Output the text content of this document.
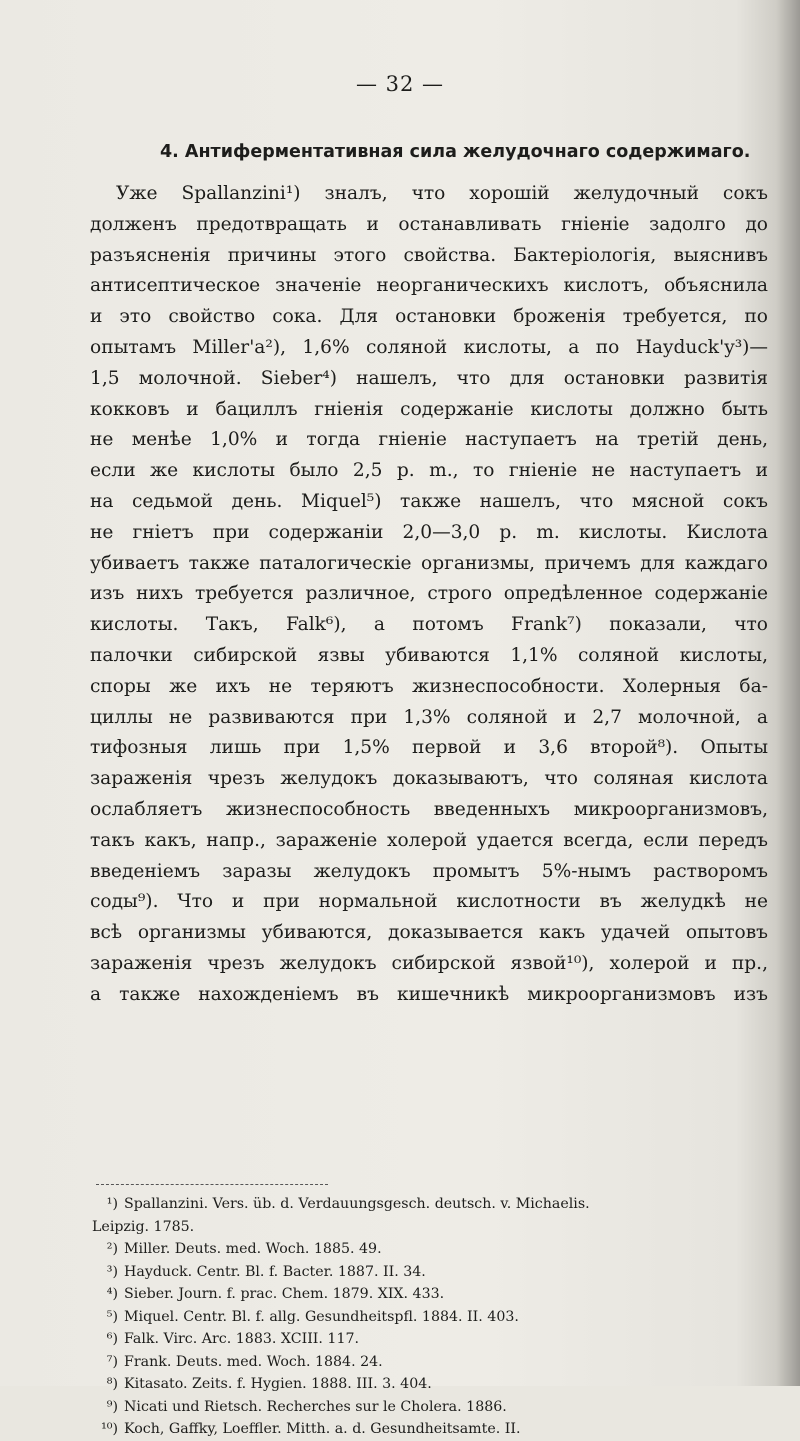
— 32 —
4. Антиферментативная сила желудочнаго содержимаго.
Уже Spallanzini¹) зналъ, что хорошій желудочный сокъ
долженъ предотвращать и останавливать гніеніе задолго до
разъясненія причины этого свойства. Бактеріологія, выяснивъ
антисептическое значеніе неорганическихъ кислотъ, объяснила
и это свойство сока. Для остановки броженія требуется, по
опытамъ Miller'a²), 1,6% соляной кислоты, а по Hayduck'y³)—
1,5 молочной. Sieber⁴) нашелъ, что для остановки развитія
кокковъ и бациллъ гніенія содержаніе кислоты должно быть
не менѣе 1,0% и тогда гніеніе наступаетъ на третій день,
если же кислоты было 2,5 р. m., то гніеніе не наступаетъ и
на седьмой день. Miquel⁵) также нашелъ, что мясной сокъ
не гніетъ при содержаніи 2,0—3,0 р. m. кислоты. Кислота
убиваетъ также паталогическіе организмы, причемъ для каждаго
изъ нихъ требуется различное, строго опредѣленное содержаніе
кислоты. Такъ, Falk⁶), а потомъ Frank⁷) показали, что
палочки сибирской язвы убиваются 1,1% соляной кислоты,
споры же ихъ не теряютъ жизнеспособности. Холерныя ба-
циллы не развиваются при 1,3% соляной и 2,7 молочной, а
тифозныя лишь при 1,5% первой и 3,6 второй⁸). Опыты
зараженія чрезъ желудокъ доказываютъ, что соляная кислота
ослабляетъ жизнеспособность введенныхъ микроорганизмовъ,
такъ какъ, напр., зараженіе холерой удается всегда, если передъ
введеніемъ заразы желудокъ промытъ 5%-нымъ растворомъ
соды⁹). Что и при нормальной кислотности въ желудкѣ не
всѣ организмы убиваются, доказывается какъ удачей опытовъ
зараженія чрезъ желудокъ сибирской язвой¹⁰), холерой и пр.,
а также нахожденіемъ въ кишечникѣ микроорганизмовъ изъ
¹) Spallanzini. Vers. üb. d. Verdauungsgesch. deutsch. v. Michaelis.
Leipzig. 1785.
²) Miller. Deuts. med. Woch. 1885. 49.
³) Hayduck. Centr. Bl. f. Bacter. 1887. II. 34.
⁴) Sieber. Journ. f. prac. Chem. 1879. XIX. 433.
⁵) Miquel. Centr. Bl. f. allg. Gesundheitspfl. 1884. II. 403.
⁶) Falk. Virc. Arc. 1883. XCIII. 117.
⁷) Frank. Deuts. med. Woch. 1884. 24.
⁸) Kitasato. Zeits. f. Hygien. 1888. III. 3. 404.
⁹) Nicati und Rietsch. Recherches sur le Cholera. 1886.
¹⁰) Koch, Gaffky, Loeffler. Mitth. a. d. Gesundheitsamte. II.
